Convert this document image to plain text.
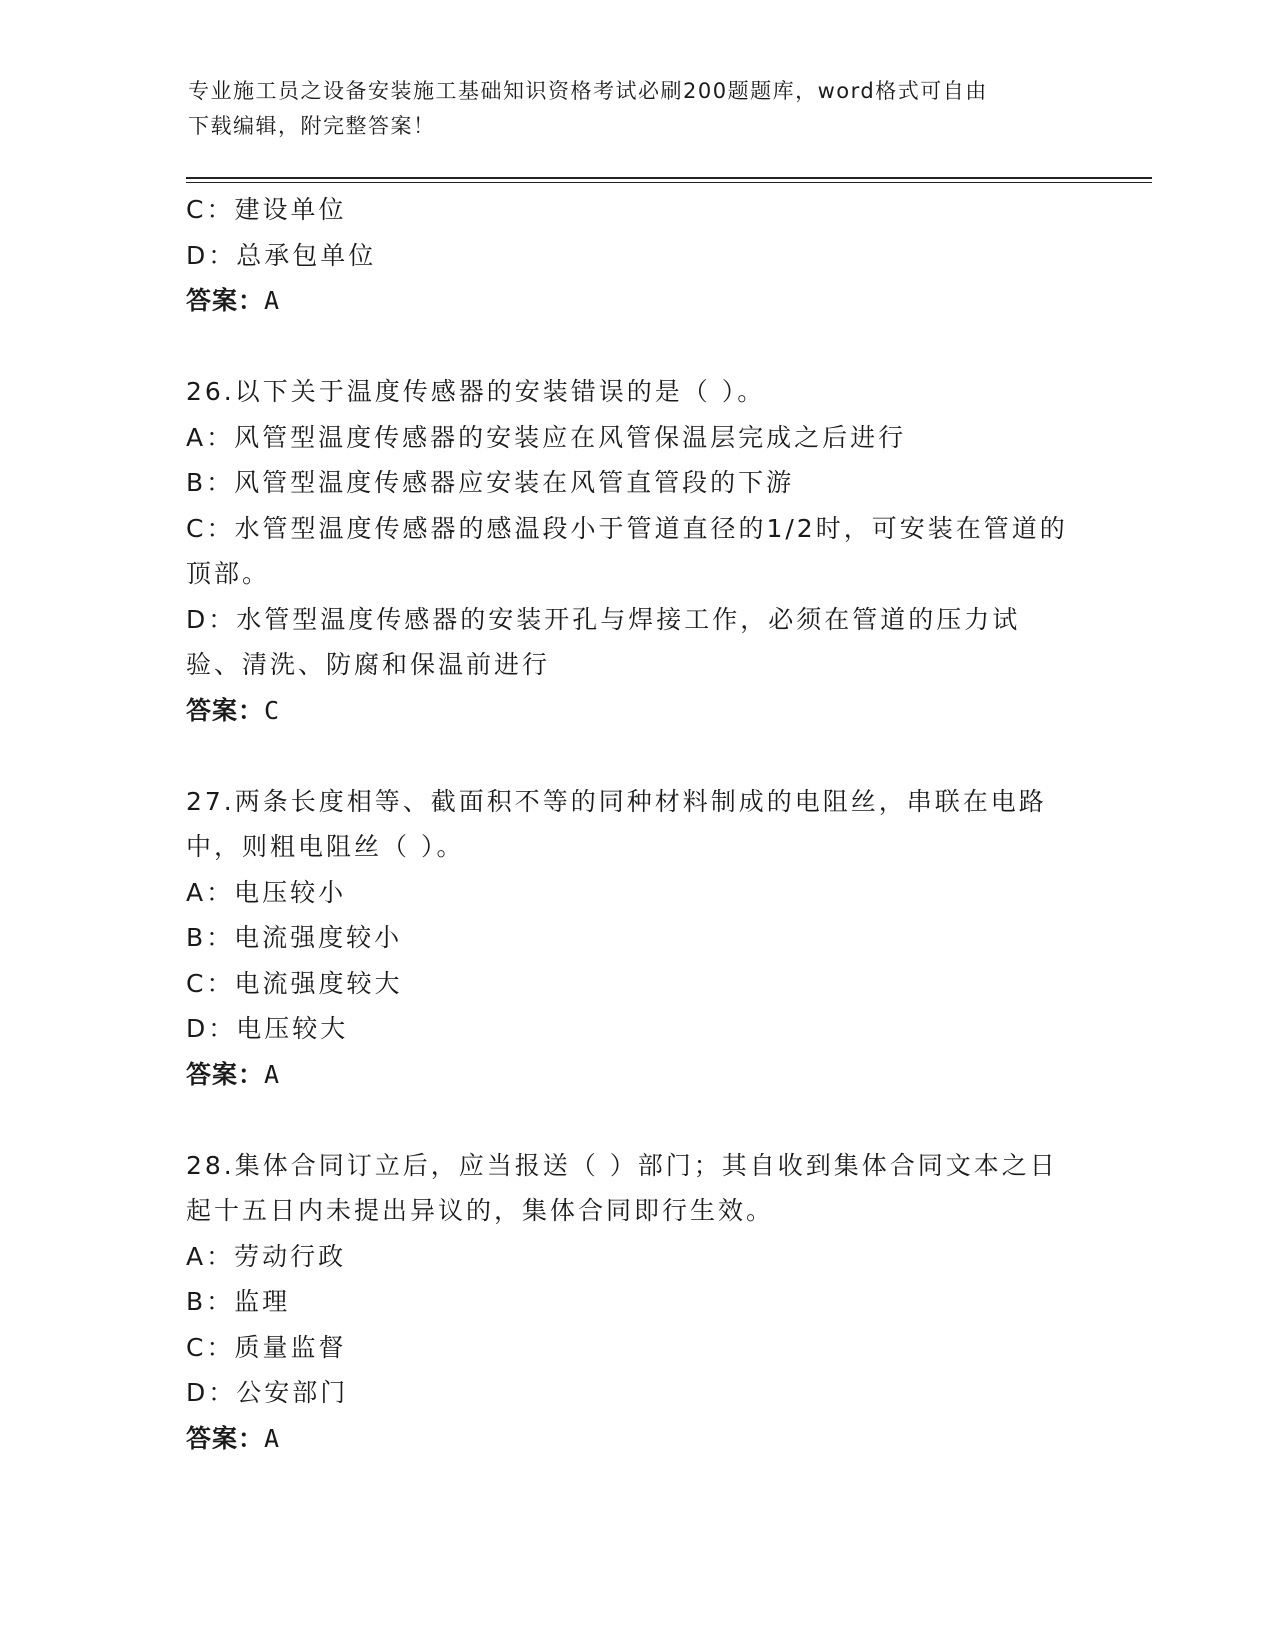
专业施工员之设备安装施工基础知识资格考试必刷200题题库，word格式可自由
下载编辑，附完整答案！
C：建设单位
D：总承包单位
答案：A
26.以下关于温度传感器的安装错误的是（ ）。
A：风管型温度传感器的安装应在风管保温层完成之后进行
B：风管型温度传感器应安装在风管直管段的下游
C：水管型温度传感器的感温段小于管道直径的1/2时，可安装在管道的顶部。
D：水管型温度传感器的安装开孔与焊接工作，必须在管道的压力试验、清洗、防腐和保温前进行
答案：C
27.两条长度相等、截面积不等的同种材料制成的电阻丝，串联在电路中，则粗电阻丝（ ）。
A：电压较小
B：电流强度较小
C：电流强度较大
D：电压较大
答案：A
28.集体合同订立后，应当报送（ ）部门；其自收到集体合同文本之日起十五日内未提出异议的，集体合同即行生效。
A：劳动行政
B：监理
C：质量监督
D：公安部门
答案：A
